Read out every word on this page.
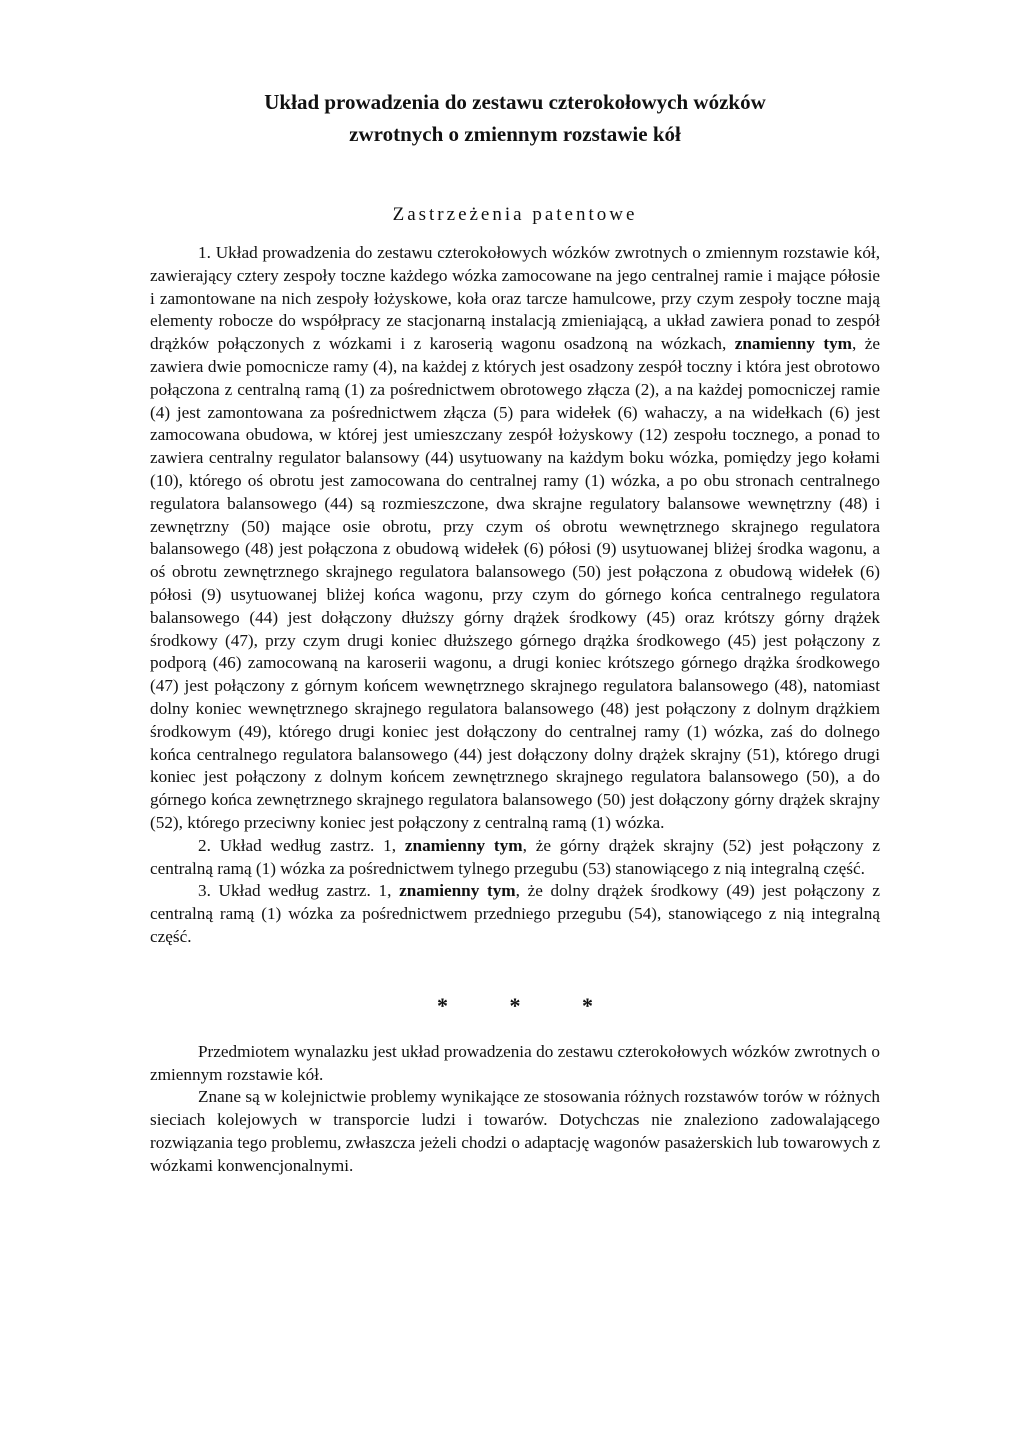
Układ prowadzenia do zestawu czterokołowych wózków
zwrotnych o zmiennym rozstawie kół
Zastrzeżenia patentowe

1. Układ prowadzenia do zestawu czterokołowych wózków zwrotnych o zmiennym rozstawie kół, zawierający cztery zespoły toczne każdego wózka zamocowane na jego centralnej ramie i mające półosie i zamontowane na nich zespoły łożyskowe, koła oraz tarcze hamulcowe, przy czym zespoły toczne mają elementy robocze do współpracy ze stacjonarną instalacją zmieniającą, a układ zawiera ponad to zespół drążków połączonych z wózkami i z karoserią wagonu osadzoną na wózkach, znamienny tym, że zawiera dwie pomocnicze ramy (4), na każdej z których jest osadzony zespół toczny i która jest obrotowo połączona z centralną ramą (1) za pośrednictwem obrotowego złącza (2), a na każdej pomocniczej ramie (4) jest zamontowana za pośrednictwem złącza (5) para widełek (6) wahaczy, a na widełkach (6) jest zamocowana obudowa, w której jest umieszczany zespół łożyskowy (12) zespołu tocznego, a ponad to zawiera centralny regulator balansowy (44) usytuowany na każdym boku wózka, pomiędzy jego kołami (10), którego oś obrotu jest zamocowana do centralnej ramy (1) wózka, a po obu stronach centralnego regulatora balansowego (44) są rozmieszczone, dwa skrajne regulatory balansowe wewnętrzny (48) i zewnętrzny (50) mające osie obrotu, przy czym oś obrotu wewnętrznego skrajnego regulatora balansowego (48) jest połączona z obudową widełek (6) półosi (9) usytuowanej bliżej środka wagonu, a oś obrotu zewnętrznego skrajnego regulatora balansowego (50) jest połączona z obudową widełek (6) półosi (9) usytuowanej bliżej końca wagonu, przy czym do górnego końca centralnego regulatora balansowego (44) jest dołączony dłuższy górny drążek środkowy (45) oraz krótszy górny drążek środkowy (47), przy czym drugi koniec dłuższego górnego drążka środkowego (45) jest połączony z podporą (46) zamocowaną na karoserii wagonu, a drugi koniec krótszego górnego drążka środkowego (47) jest połączony z górnym końcem wewnętrznego skrajnego regulatora balansowego (48), natomiast dolny koniec wewnętrznego skrajnego regulatora balansowego (48) jest połączony z dolnym drążkiem środkowym (49), którego drugi koniec jest dołączony do centralnej ramy (1) wózka, zaś do dolnego końca centralnego regulatora balansowego (44) jest dołączony dolny drążek skrajny (51), którego drugi koniec jest połączony z dolnym końcem zewnętrznego skrajnego regulatora balansowego (50), a do górnego końca zewnętrznego skrajnego regulatora balansowego (50) jest dołączony górny drążek skrajny (52), którego przeciwny koniec jest połączony z centralną ramą (1) wózka.

2. Układ według zastrz. 1, znamienny tym, że górny drążek skrajny (52) jest połączony z centralną ramą (1) wózka za pośrednictwem tylnego przegubu (53) stanowiącego z nią integralną część.

3. Układ według zastrz. 1, znamienny tym, że dolny drążek środkowy (49) jest połączony z centralną ramą (1) wózka za pośrednictwem przedniego przegubu (54), stanowiącego z nią integralną część.

* * *

Przedmiotem wynalazku jest układ prowadzenia do zestawu czterokołowych wózków zwrotnych o zmiennym rozstawie kół.

Znane są w kolejnictwie problemy wynikające ze stosowania różnych rozstawów torów w różnych sieciach kolejowych w transporcie ludzi i towarów. Dotychczas nie znaleziono zadowalającego rozwiązania tego problemu, zwłaszcza jeżeli chodzi o adaptację wagonów pasażerskich lub towarowych z wózkami konwencjonalnymi.
